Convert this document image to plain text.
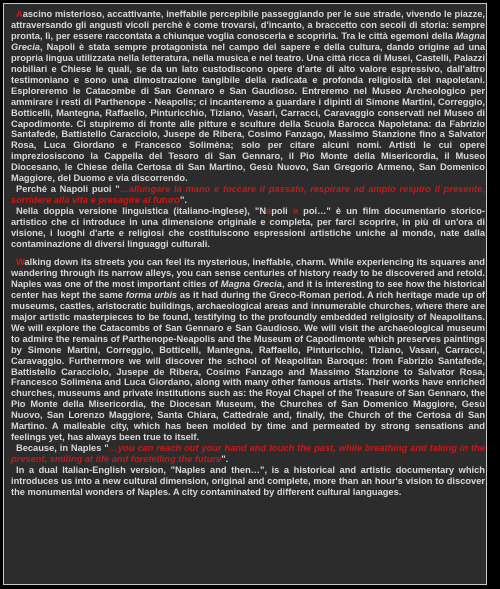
Aascino misterioso, accattivante, ineffabile percepibile passeggiando per le sue strade, vivendo le piazze, attraversando gli angusti vicoli perchè è come trovarsi, d'incanto, a braccetto con secoli di storia: sempre pronta, lì, per essere raccontata a chiunque voglia conoscerla e scoprirla. Tra le città egemoni della Magna Grecia, Napoli è stata sempre protagonista nel campo del sapere e della cultura, dando origine ad una propria lingua utilizzata nella letteratura, nella musica e nel teatro. Una città ricca di Musei, Castelli, Palazzi nobiliari e Chiese le quali, se da un lato custodiscono opere d'arte di alto valore espressivo, dall'altro testimoniano e sono una dimostrazione tangibile della radicata e profonda religiosità dei napoletani. Esploreremo le Catacombe di San Gennaro e San Gaudioso. Entreremo nel Museo Archeologico per ammirare i resti di Parthenope - Neapolis; ci incanteremo a guardare i dipinti di Simone Martini, Correggio, Botticelli, Mantegna, Raffaello, Pinturicchio, Tiziano, Vasari, Carracci, Caravaggio conservati nel Museo di Capodimonte. Ci stupiremo di fronte alle pitture e sculture della Scuola Barocca Napoletana: da Fabrizio Santafede, Battistello Caracciolo, Jusepe de Ribera, Cosimo Fanzago, Massimo Stanzione fino a Salvator Rosa, Luca Giordano e Francesco Solimèna; solo per citare alcuni nomi. Artisti le cui opere impreziosiscono la Cappella del Tesoro di San Gennaro, il Pio Monte della Misericordia, il Museo Diocesano, le Chiese della Certosa di San Martino, Gesù Nuovo, San Gregorio Armeno, San Domenico Maggiore, del Duomo e via discorrendo.

Perché a Napoli puoi "…allungare la mano e toccare il passato, respirare ad ampio respiro il presente, sorridere alla vita e presagire al futuro".

Nella doppia versione linguistica (italiano-inglese), "Napoli e poi…" è un film documentario storico-artistico che ci introduce in una dimensione originale e completa, per farci scoprire, in più di un'ora di visione, i luoghi d'arte e religiosi che costituiscono espressioni artistiche uniche al mondo, nate dalla contaminazione di diversi linguaggi culturali.

Walking down its streets you can feel its mysterious, ineffable, charm. While experiencing its squares and wandering through its narrow alleys, you can sense centuries of history ready to be discovered and retold. Naples was one of the most important cities of Magna Grecia, and it is interesting to see how the historical center has kept the same forma urbis as it had during the Greco-Roman period. A rich heritage made up of museums, castles, aristocratic buildings, archaeological areas and innumerable churches, where there are major artistic masterpieces to be found, testifying to the profoundly embedded religiosity of Neapolitans. We will explore the Catacombs of San Gennaro e San Gaudioso. We will visit the archaeological museum to admire the remains of Parthenope-Neapolis and the Museum of Capodimonte which preserves paintings by Simone Martini, Correggio, Botticelli, Mantegna, Raffaello, Pinturicchio, Tiziano, Vasari, Carracci, Caravaggio. Furthermore we will discover the school of Neapolitan Baroque: from Fabrizio Santafede, Battistello Caracciolo, Jusepe de Ribera, Cosimo Fanzago and Massimo Stanzione to Salvator Rosa, Francesco Solimèna and Luca Giordano, along with many other famous artists. Their works have enriched churches, museums and private institutions such as: the Royal Chapel of the Treasure of San Gennaro, the Pio Monte della Misericordia, the Diocesan Museum, the Churches of San Domenico Maggiore, Gesù Nuovo, San Lorenzo Maggiore, Santa Chiara, Cattedrale and, finally, the Church of the Certosa di San Martino. A malleable city, which has been molded by time and permeated by strong sensations and feelings yet, has always been true to itself.

Because, in Naples "…you can reach out your hand and touch the past, while breathing and taking in the present, smiling at life and foretelling the future".

In a dual Italian-English version, "Naples and then…", is a historical and artistic documentary which introduces us into a new cultural dimension, original and complete, more than an hour's vision to discover the monumental wonders of Naples. A city contaminated by different cultural languages.
